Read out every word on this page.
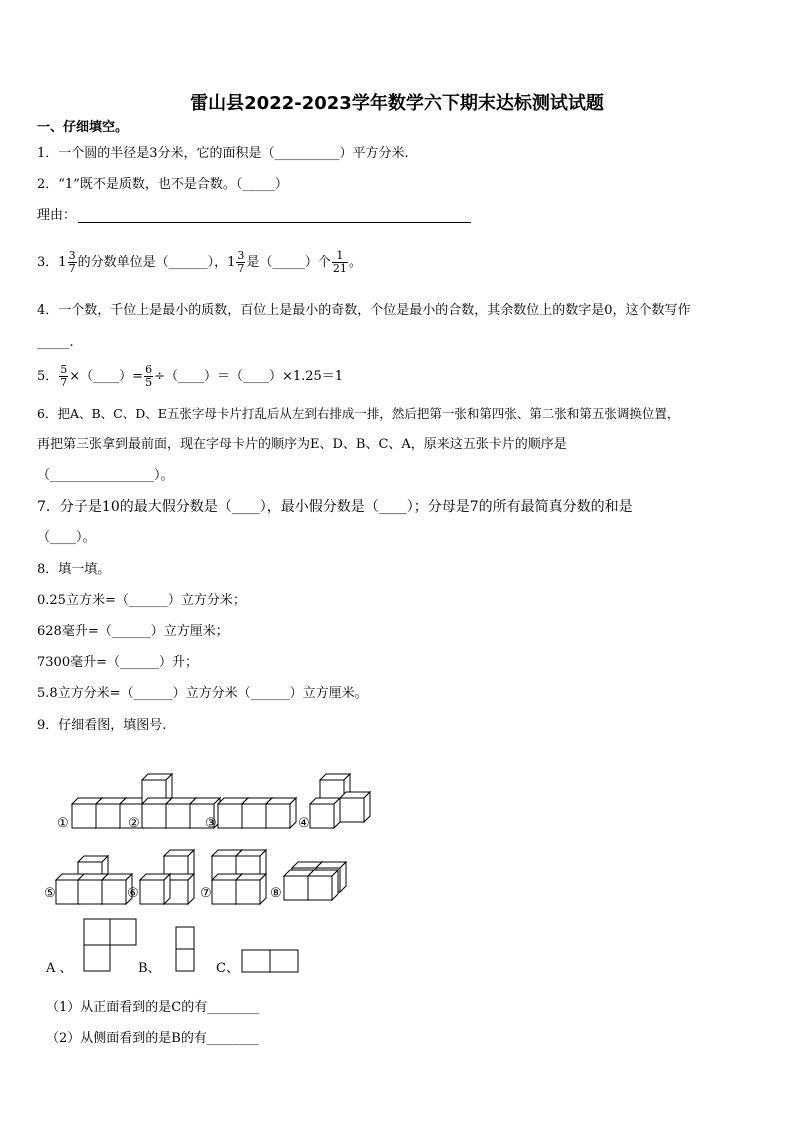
雷山县2022-2023学年数学六下期末达标测试试题
一、仔细填空。
1．一个圆的半径是3分米，它的面积是（__________）平方分米.
2．“1”既不是质数，也不是合数。（_____）
理由：
3．$1 \frac{3}{7}$ 的分数单位是（______），$1 \frac{3}{7}$ 是（_____）个 $\frac{1}{21}$ 。
4．一个数，千位上是最小的质数，百位上是最小的奇数，个位是最小的合数，其余数位上的数字是0，这个数写作
_____.
5． $\frac{5}{7}$ ×（____）= $\frac{6}{5}$ ÷（____）＝（____）×1.25＝1
6．把A、B、C、D、E五张字母卡片打乱后从左到右排成一排，然后把第一张和第四张、第二张和第五张调换位置，
再把第三张拿到最前面，现在字母卡片的顺序为E、D、B、C、A，原来这五张卡片的顺序是
（________________）。
7．分子是10的最大假分数是（____），最小假分数是（____）；分母是7的所有最简真分数的和是
（____）。
8．填一填。
0.25立方米=（______）立方分米；
628毫升=（______）立方厘米；
7300毫升=（______）升；
5.8立方分米=（______）立方分米（______）立方厘米。
9．仔细看图，填图号.
①	②	③	④
⑤	⑥	⑦	⑧
A 、	B、	C、
（1）从正面看到的是C的有________
（2）从侧面看到的是B的有________
